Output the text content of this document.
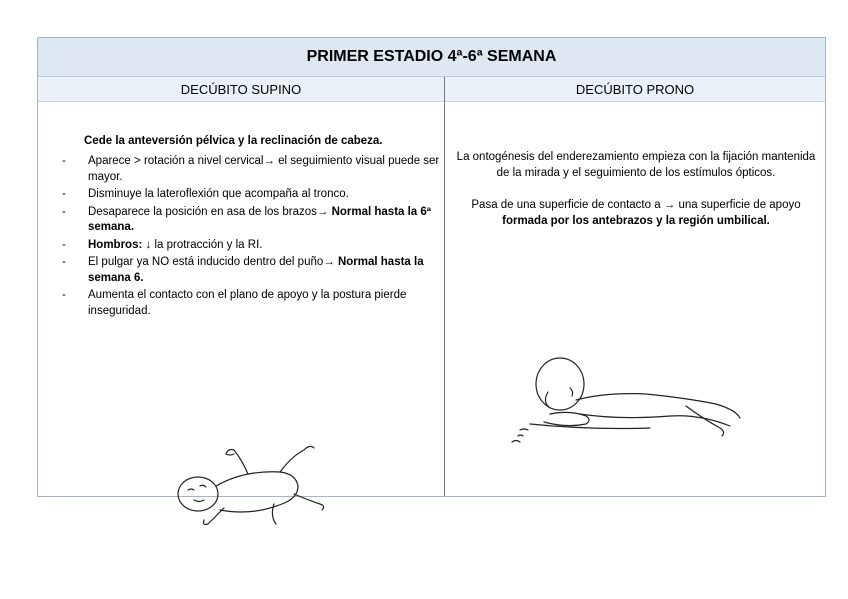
PRIMER ESTADIO 4ª-6ª SEMANA
DECÚBITO SUPINO	DECÚBITO PRONO
Cede la anteversión pélvica y la reclinación de cabeza.
- Aparece > rotación a nivel cervical→ el seguimiento visual puede ser mayor.
- Disminuye la lateroflexión que acompaña al tronco.
- Desaparece la posición en asa de los brazos→ Normal hasta la 6ª semana.
- Hombros: ↓ la protracción y la RI.
- El pulgar ya NO está inducido dentro del puño→ Normal hasta la semana 6.
- Aumenta el contacto con el plano de apoyo y la postura pierde inseguridad.
La ontogénesis del enderezamiento empieza con la fijación mantenida de la mirada y el seguimiento de los estímulos ópticos.
Pasa de una superficie de contacto a → una superficie de apoyo formada por los antebrazos y la región umbilical.
